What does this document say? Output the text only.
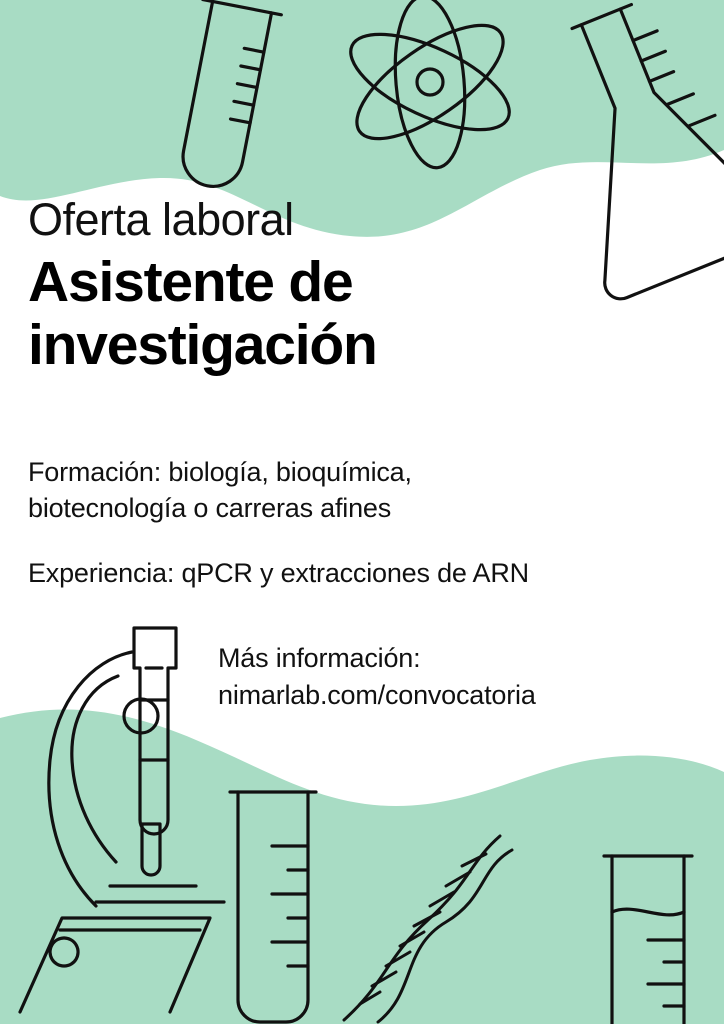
Oferta laboral
Asistente de
investigación
Formación: biología, bioquímica,
biotecnología o carreras afines
Experiencia: qPCR y extracciones de ARN
Más información:
nimarlab.com/convocatoria
